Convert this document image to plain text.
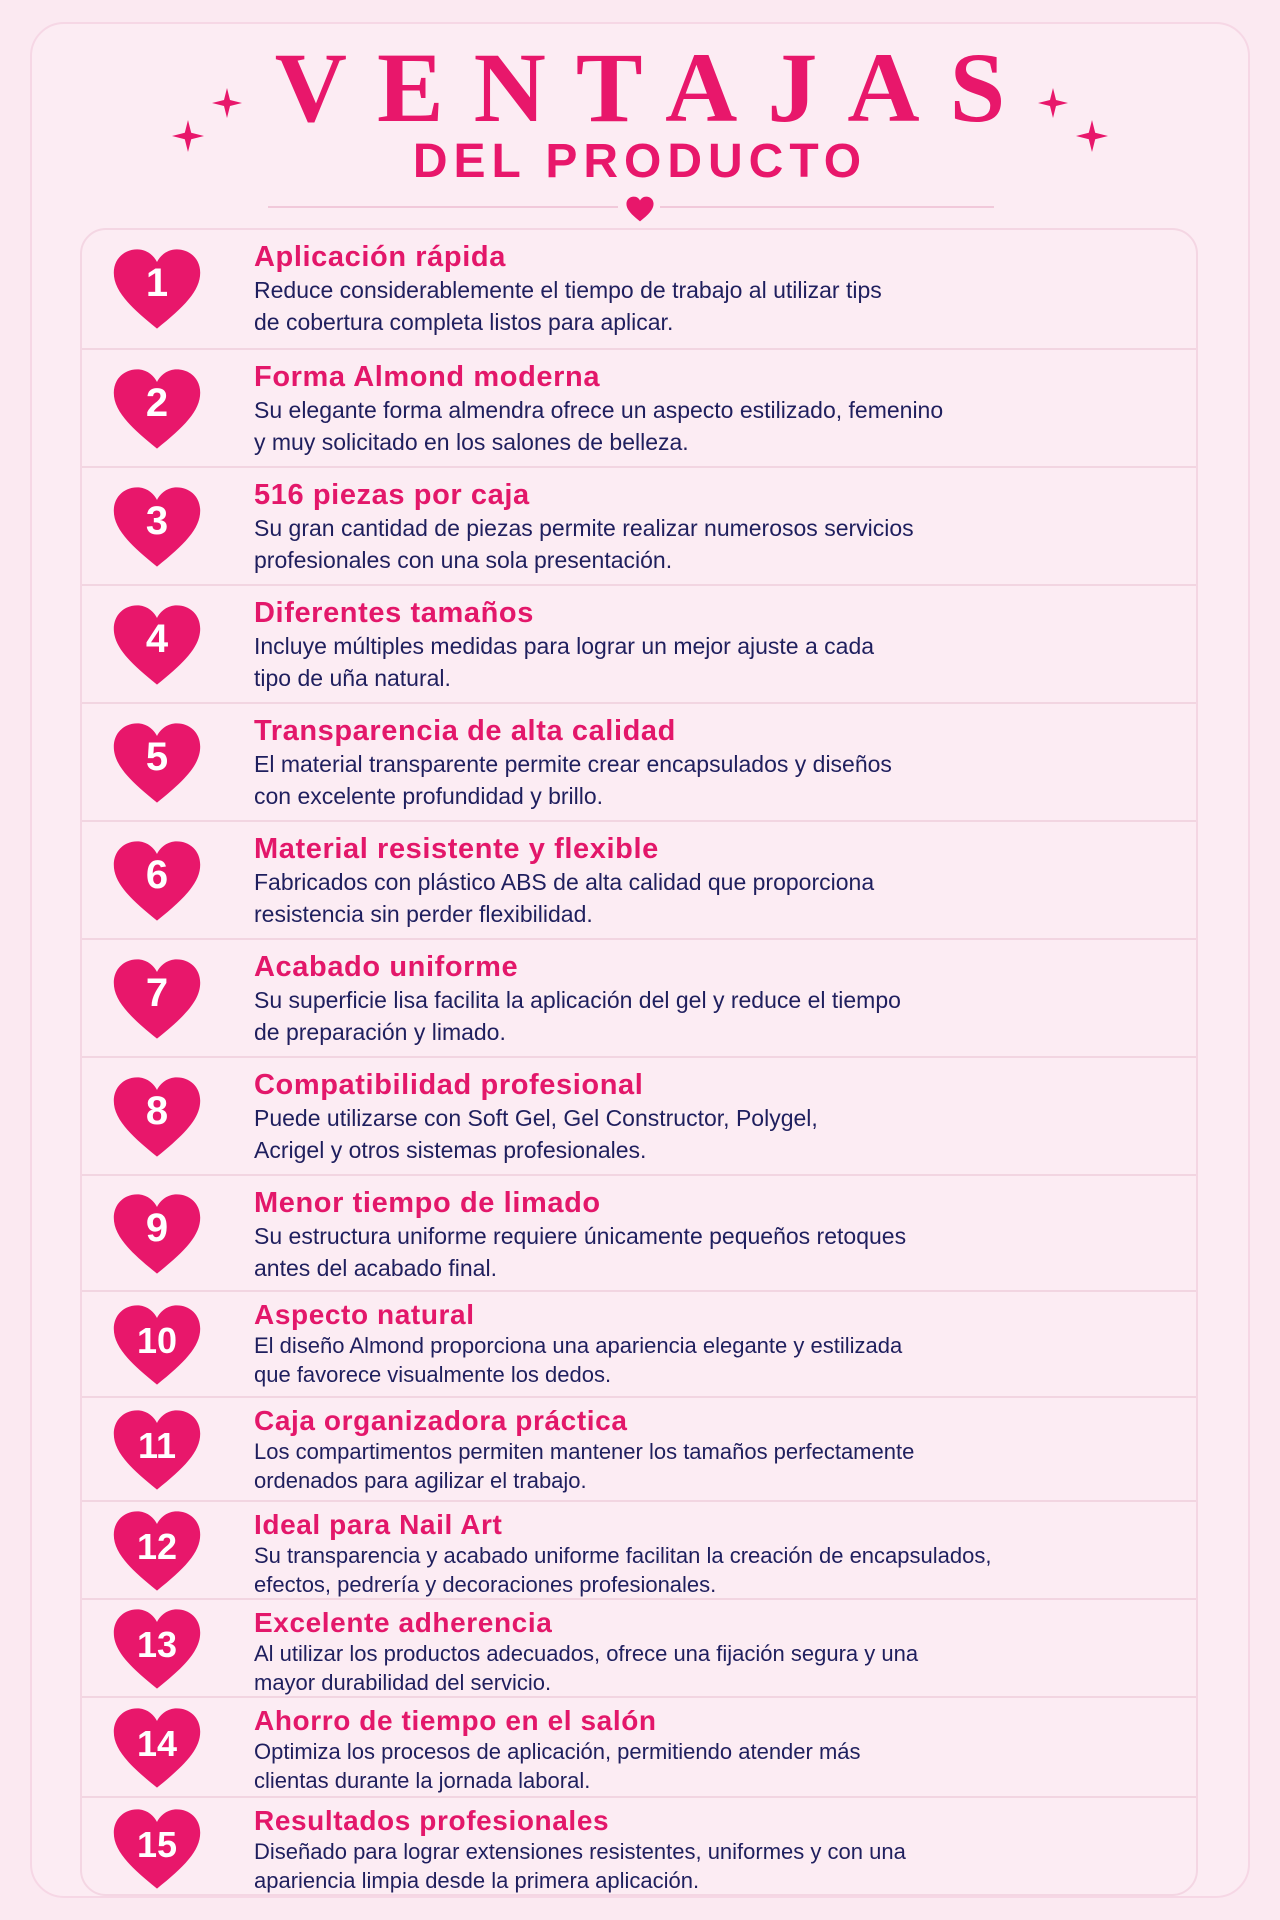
VENTAJAS
DEL PRODUCTO
1
Aplicación rápida
Reduce considerablemente el tiempo de trabajo al utilizar tips
de cobertura completa listos para aplicar.
2
Forma Almond moderna
Su elegante forma almendra ofrece un aspecto estilizado, femenino
y muy solicitado en los salones de belleza.
3
516 piezas por caja
Su gran cantidad de piezas permite realizar numerosos servicios
profesionales con una sola presentación.
4
Diferentes tamaños
Incluye múltiples medidas para lograr un mejor ajuste a cada
tipo de uña natural.
5
Transparencia de alta calidad
El material transparente permite crear encapsulados y diseños
con excelente profundidad y brillo.
6
Material resistente y flexible
Fabricados con plástico ABS de alta calidad que proporciona
resistencia sin perder flexibilidad.
7
Acabado uniforme
Su superficie lisa facilita la aplicación del gel y reduce el tiempo
de preparación y limado.
8
Compatibilidad profesional
Puede utilizarse con Soft Gel, Gel Constructor, Polygel,
Acrigel y otros sistemas profesionales.
9
Menor tiempo de limado
Su estructura uniforme requiere únicamente pequeños retoques
antes del acabado final.
10
Aspecto natural
El diseño Almond proporciona una apariencia elegante y estilizada
que favorece visualmente los dedos.
11
Caja organizadora práctica
Los compartimentos permiten mantener los tamaños perfectamente
ordenados para agilizar el trabajo.
12
Ideal para Nail Art
Su transparencia y acabado uniforme facilitan la creación de encapsulados,
efectos, pedrería y decoraciones profesionales.
13
Excelente adherencia
Al utilizar los productos adecuados, ofrece una fijación segura y una
mayor durabilidad del servicio.
14
Ahorro de tiempo en el salón
Optimiza los procesos de aplicación, permitiendo atender más
clientas durante la jornada laboral.
15
Resultados profesionales
Diseñado para lograr extensiones resistentes, uniformes y con una
apariencia limpia desde la primera aplicación.
